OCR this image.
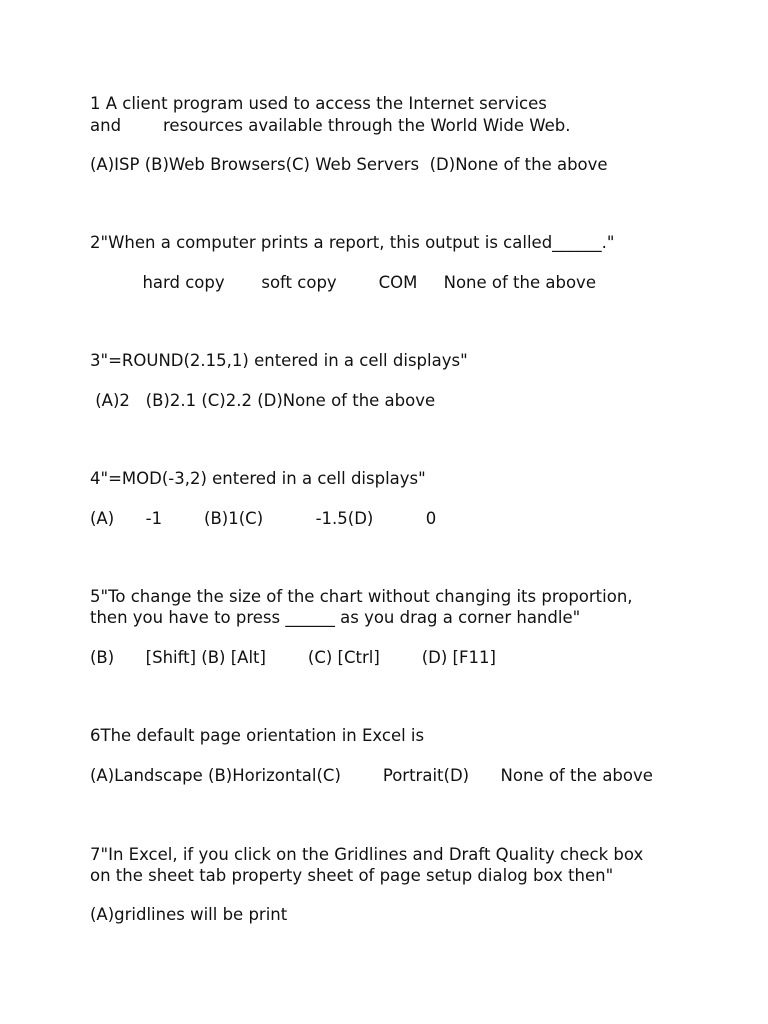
1 A client program used to access the Internet services
and        resources available through the World Wide Web.
(A)ISP (B)Web Browsers(C) Web Servers  (D)None of the above
2"When a computer prints a report, this output is called______."
hard copy       soft copy        COM     None of the above
3"=ROUND(2.15,1) entered in a cell displays"
(A)2   (B)2.1 (C)2.2 (D)None of the above
4"=MOD(-3,2) entered in a cell displays"
(A)      -1        (B)1(C)          -1.5(D)          0
5"To change the size of the chart without changing its proportion,
then you have to press ______ as you drag a corner handle"
(B)      [Shift] (B) [Alt]        (C) [Ctrl]        (D) [F11]
6The default page orientation in Excel is
(A)Landscape (B)Horizontal(C)        Portrait(D)      None of the above
7"In Excel, if you click on the Gridlines and Draft Quality check box
on the sheet tab property sheet of page setup dialog box then"
(A)gridlines will be print
